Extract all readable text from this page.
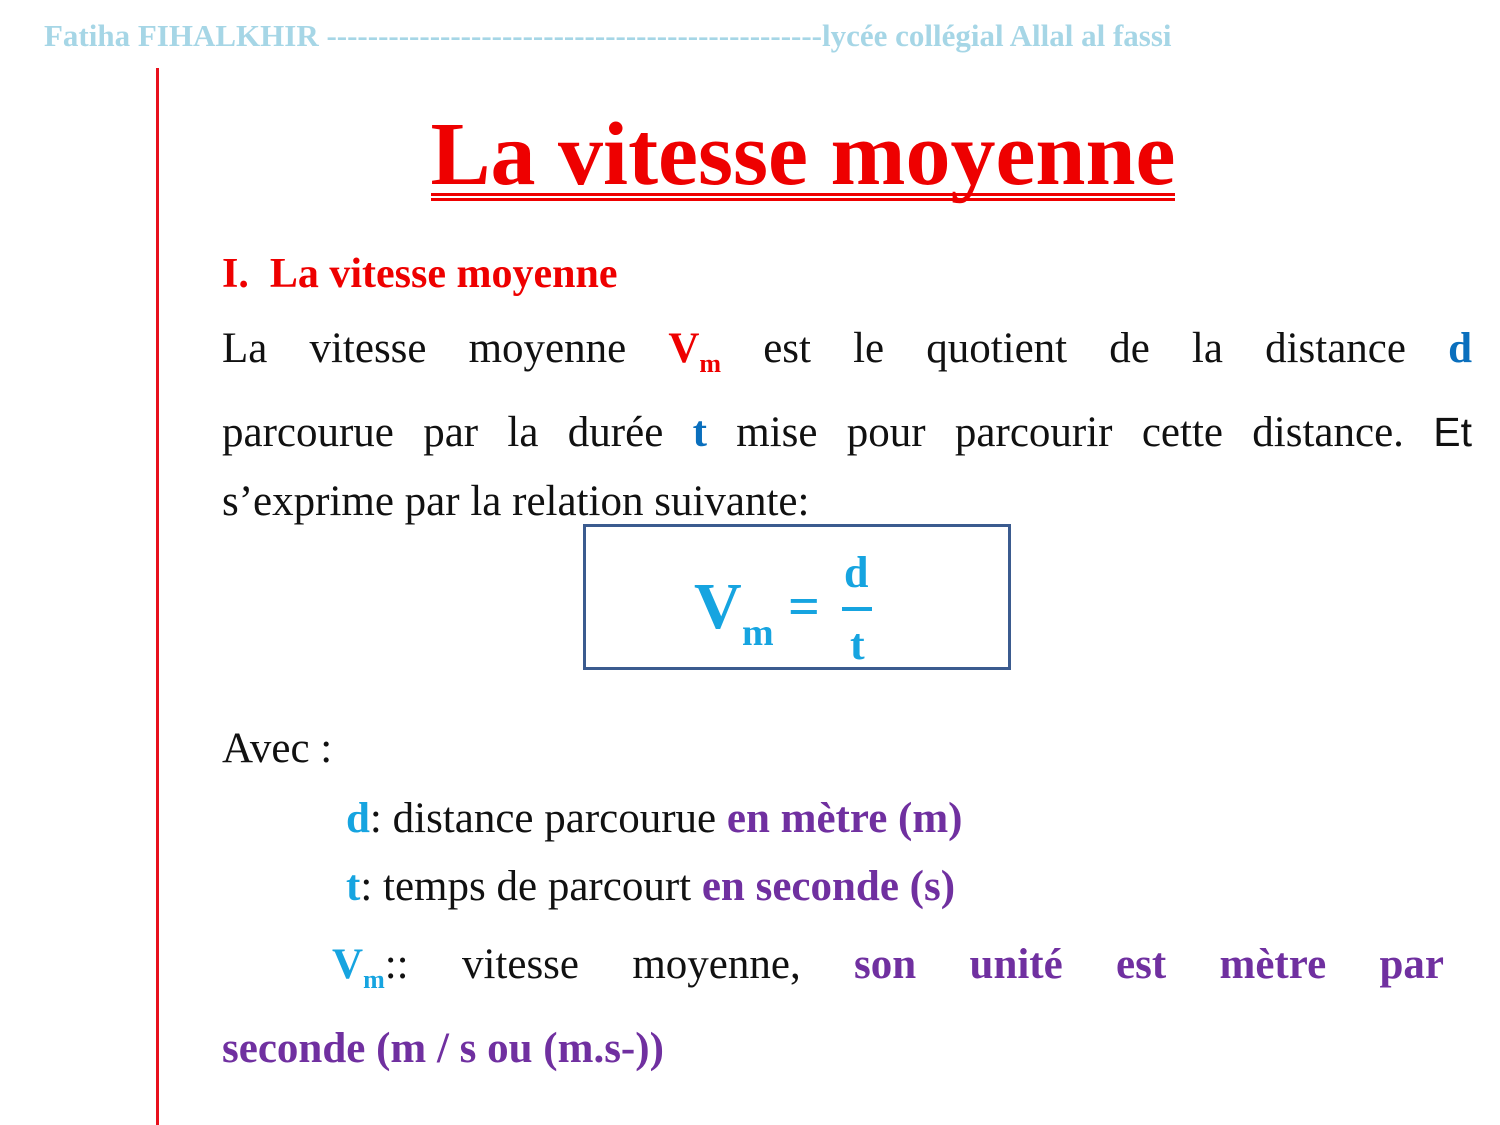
Fatiha FIHALKHIR ------------------------------------------------lycée collégial Allal al fassi
La vitesse moyenne
I. La vitesse moyenne
La vitesse moyenne $V_m$ est le quotient de la distance d
parcourue par la durée t mise pour parcourir cette distance. Et
s’exprime par la relation suivante:
V m =
d
t
Avec :
d: distance parcourue en mètre (m)
t: temps de parcourt en seconde (s)
$V_m$:: vitesse moyenne, son unité est mètre par
seconde (m / s ou (m.s-))
